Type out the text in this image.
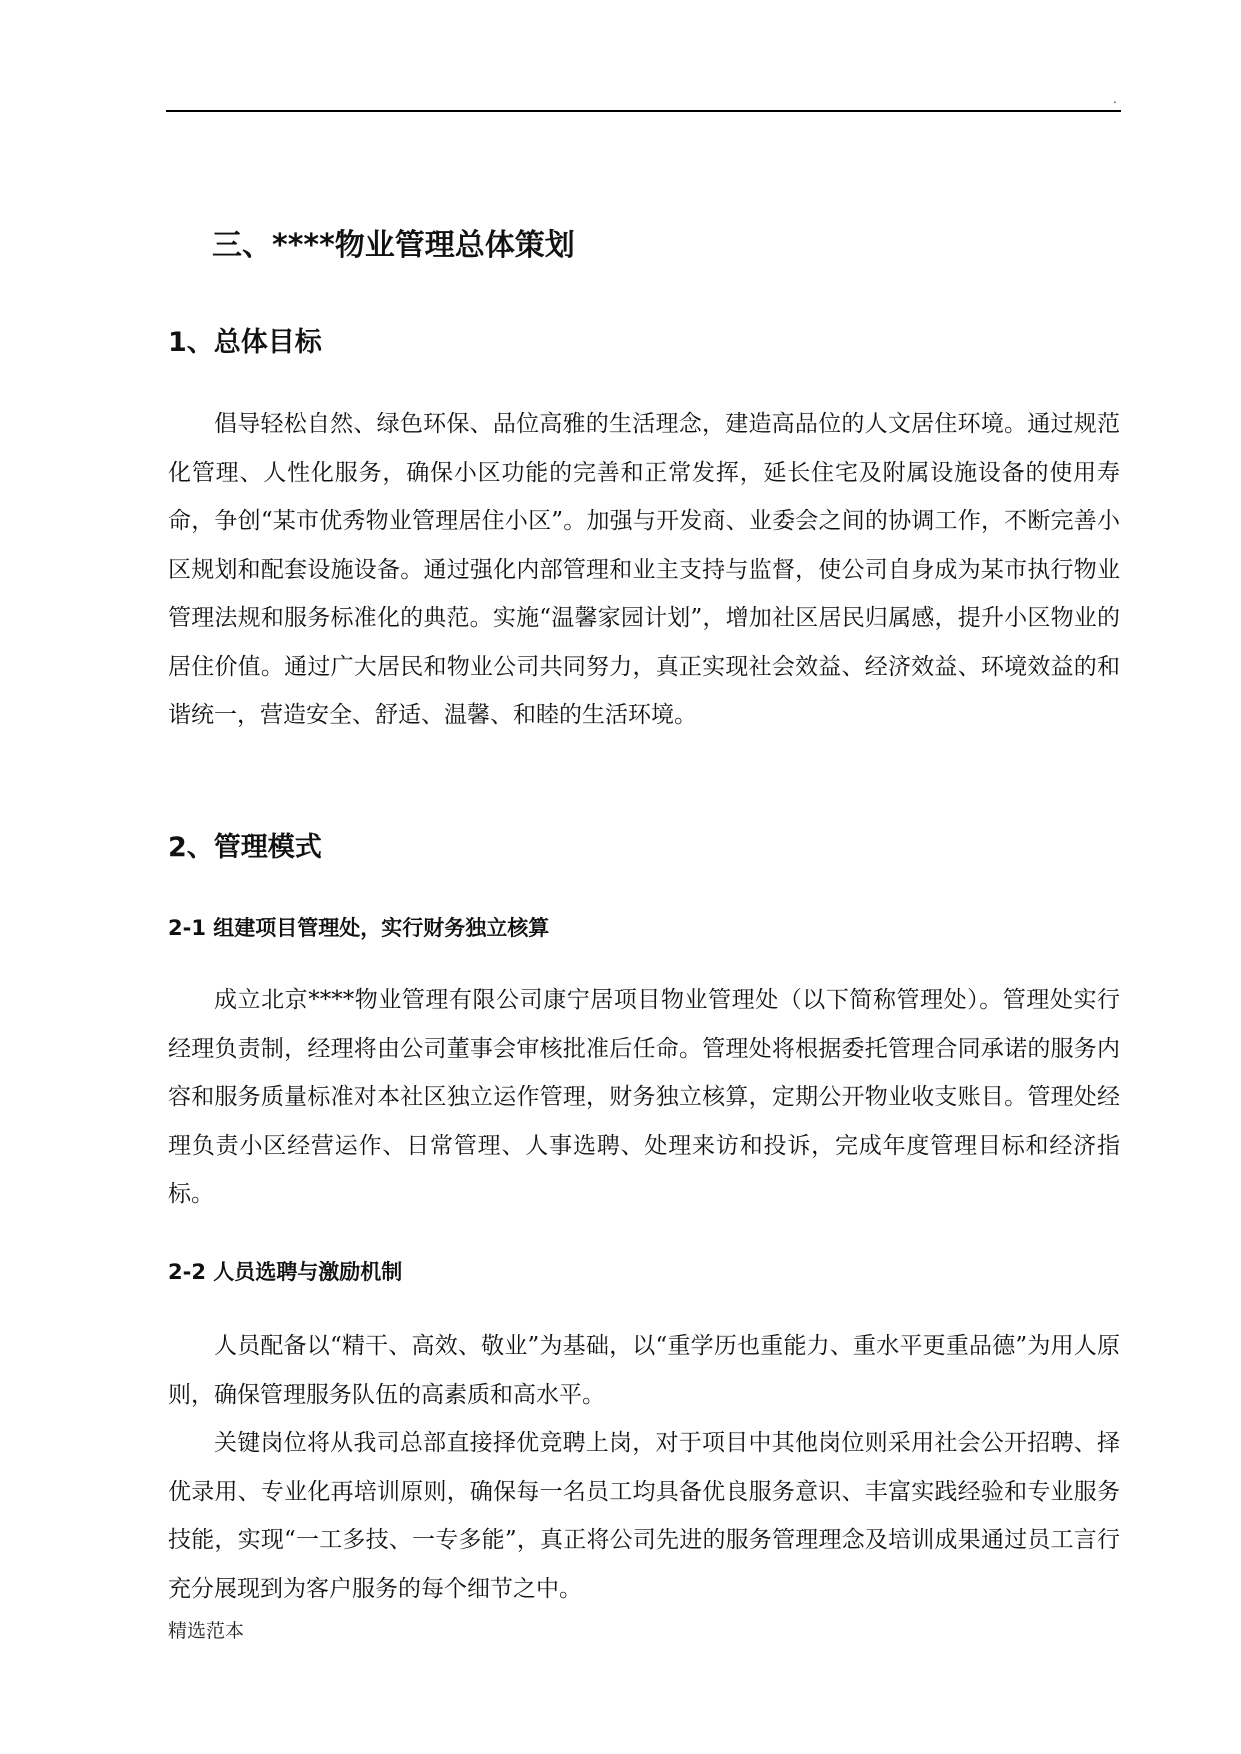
.
三、****物业管理总体策划
1、总体目标

倡导轻松自然、绿色环保、品位高雅的生活理念，建造高品位的人文居住环境。通过规范化管理、人性化服务，确保小区功能的完善和正常发挥，延长住宅及附属设施设备的使用寿命，争创“某市优秀物业管理居住小区”。加强与开发商、业委会之间的协调工作，不断完善小区规划和配套设施设备。通过强化内部管理和业主支持与监督，使公司自身成为某市执行物业管理法规和服务标准化的典范。实施“温馨家园计划”，增加社区居民归属感，提升小区物业的居住价值。通过广大居民和物业公司共同努力，真正实现社会效益、经济效益、环境效益的和谐统一，营造安全、舒适、温馨、和睦的生活环境。

2、管理模式
2-1 组建项目管理处，实行财务独立核算

成立北京****物业管理有限公司康宁居项目物业管理处（以下简称管理处）。管理处实行经理负责制，经理将由公司董事会审核批准后任命。管理处将根据委托管理合同承诺的服务内容和服务质量标准对本社区独立运作管理，财务独立核算，定期公开物业收支账目。管理处经理负责小区经营运作、日常管理、人事选聘、处理来访和投诉，完成年度管理目标和经济指标。

2-2 人员选聘与激励机制

人员配备以“精干、高效、敬业”为基础，以“重学历也重能力、重水平更重品德”为用人原则，确保管理服务队伍的高素质和高水平。

关键岗位将从我司总部直接择优竞聘上岗，对于项目中其他岗位则采用社会公开招聘、择优录用、专业化再培训原则，确保每一名员工均具备优良服务意识、丰富实践经验和专业服务技能，实现“一工多技、一专多能”，真正将公司先进的服务管理理念及培训成果通过员工言行充分展现到为客户服务的每个细节之中。

精选范本
